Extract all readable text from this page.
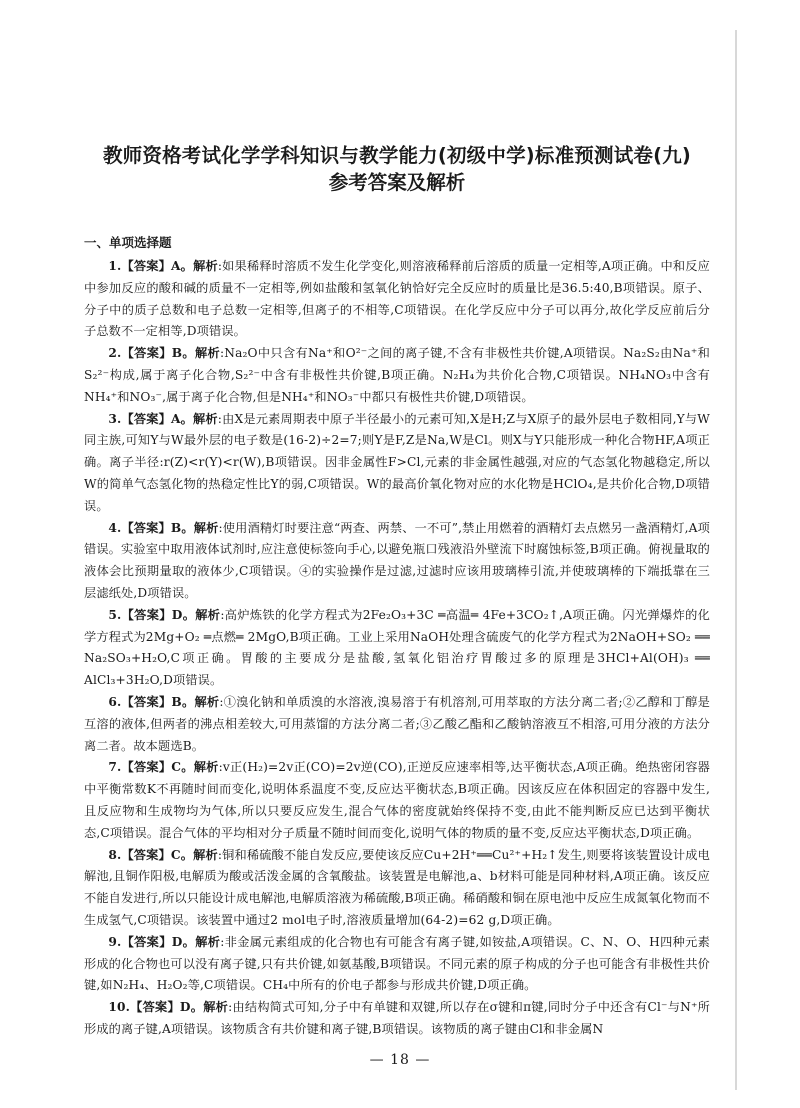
教师资格考试化学学科知识与教学能力(初级中学)标准预测试卷(九)
参考答案及解析
一、单项选择题

1.【答案】A。解析:如果稀释时溶质不发生化学变化,则溶液稀释前后溶质的质量一定相等,A项正确。中和反应中参加反应的酸和碱的质量不一定相等,例如盐酸和氢氧化钠恰好完全反应时的质量比是36.5:40,B项错误。原子、分子中的质子总数和电子总数一定相等,但离子的不相等,C项错误。在化学反应中分子可以再分,故化学反应前后分子总数不一定相等,D项错误。

2.【答案】B。解析:Na₂O中只含有Na⁺和O²⁻之间的离子键,不含有非极性共价键,A项错误。Na₂S₂由Na⁺和S₂²⁻构成,属于离子化合物,S₂²⁻中含有非极性共价键,B项正确。N₂H₄为共价化合物,C项错误。NH₄NO₃中含有NH₄⁺和NO₃⁻,属于离子化合物,但是NH₄⁺和NO₃⁻中都只有极性共价键,D项错误。

3.【答案】A。解析:由X是元素周期表中原子半径最小的元素可知,X是H;Z与X原子的最外层电子数相同,Y与W同主族,可知Y与W最外层的电子数是(16-2)÷2=7;则Y是F,Z是Na,W是Cl。则X与Y只能形成一种化合物HF,A项正确。离子半径:r(Z)<r(Y)<r(W),B项错误。因非金属性F>Cl,元素的非金属性越强,对应的气态氢化物越稳定,所以W的简单气态氢化物的热稳定性比Y的弱,C项错误。W的最高价氧化物对应的水化物是HClO₄,是共价化合物,D项错误。

4.【答案】B。解析:使用酒精灯时要注意“两查、两禁、一不可”,禁止用燃着的酒精灯去点燃另一盏酒精灯,A项错误。实验室中取用液体试剂时,应注意使标签向手心,以避免瓶口残液沿外壁流下时腐蚀标签,B项正确。俯视量取的液体会比预期量取的液体少,C项错误。④的实验操作是过滤,过滤时应该用玻璃棒引流,并使玻璃棒的下端抵靠在三层滤纸处,D项错误。

5.【答案】D。解析:高炉炼铁的化学方程式为2Fe₂O₃+3C ═高温═ 4Fe+3CO₂↑,A项正确。闪光弹爆炸的化学方程式为2Mg+O₂ ═点燃═ 2MgO,B项正确。工业上采用NaOH处理含硫废气的化学方程式为2NaOH+SO₂ ══ Na₂SO₃+H₂O,C项正确。胃酸的主要成分是盐酸,氢氧化铝治疗胃酸过多的原理是3HCl+Al(OH)₃ ══ AlCl₃+3H₂O,D项错误。

6.【答案】B。解析:①溴化钠和单质溴的水溶液,溴易溶于有机溶剂,可用萃取的方法分离二者;②乙醇和丁醇是互溶的液体,但两者的沸点相差较大,可用蒸馏的方法分离二者;③乙酸乙酯和乙酸钠溶液互不相溶,可用分液的方法分离二者。故本题选B。

7.【答案】C。解析:v正(H₂)=2v正(CO)=2v逆(CO),正逆反应速率相等,达平衡状态,A项正确。绝热密闭容器中平衡常数K不再随时间而变化,说明体系温度不变,反应达平衡状态,B项正确。因该反应在体积固定的容器中发生,且反应物和生成物均为气体,所以只要反应发生,混合气体的密度就始终保持不变,由此不能判断反应已达到平衡状态,C项错误。混合气体的平均相对分子质量不随时间而变化,说明气体的物质的量不变,反应达平衡状态,D项正确。

8.【答案】C。解析:铜和稀硫酸不能自发反应,要使该反应Cu+2H⁺══Cu²⁺+H₂↑发生,则要将该装置设计成电解池,且铜作阳极,电解质为酸或活泼金属的含氧酸盐。该装置是电解池,a、b材料可能是同种材料,A项正确。该反应不能自发进行,所以只能设计成电解池,电解质溶液为稀硫酸,B项正确。稀硝酸和铜在原电池中反应生成氮氧化物而不生成氢气,C项错误。该装置中通过2 mol电子时,溶液质量增加(64-2)=62 g,D项正确。

9.【答案】D。解析:非金属元素组成的化合物也有可能含有离子键,如铵盐,A项错误。C、N、O、H四种元素形成的化合物也可以没有离子键,只有共价键,如氨基酸,B项错误。不同元素的原子构成的分子也可能含有非极性共价键,如N₂H₄、H₂O₂等,C项错误。CH₄中所有的价电子都参与形成共价键,D项正确。

10.【答案】D。解析:由结构简式可知,分子中有单键和双键,所以存在σ键和π键,同时分子中还含有Cl⁻与N⁺所形成的离子键,A项错误。该物质含有共价键和离子键,B项错误。该物质的离子键由Cl和非金属N

— 18 —
